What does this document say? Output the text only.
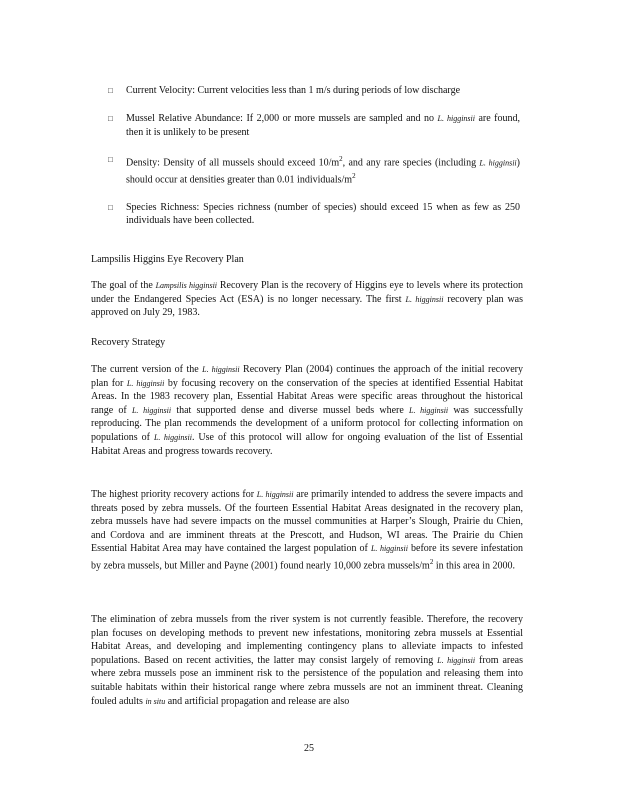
□	Current Velocity: Current velocities less than 1 m/s during periods of low discharge
□	Mussel Relative Abundance: If 2,000 or more mussels are sampled and no L. higginsii are found, then it is unlikely to be present
□	Density: Density of all mussels should exceed $10/m^2$, and any rare species (including L. higginsii) should occur at densities greater than 0.01 individuals/$m^2$
□	Species Richness: Species richness (number of species) should exceed 15 when as few as 250 individuals have been collected.
Lampsilis Higgins Eye Recovery Plan
The goal of the Lampsilis higginsii Recovery Plan is the recovery of Higgins eye to levels where its protection under the Endangered Species Act (ESA) is no longer necessary. The first L. higginsii recovery plan was approved on July 29, 1983.
Recovery Strategy
The current version of the L. higginsii Recovery Plan (2004) continues the approach of the initial recovery plan for L. higginsii by focusing recovery on the conservation of the species at identified Essential Habitat Areas. In the 1983 recovery plan, Essential Habitat Areas were specific areas throughout the historical range of L. higginsii that supported dense and diverse mussel beds where L. higginsii was successfully reproducing. The plan recommends the development of a uniform protocol for collecting information on populations of L. higginsii. Use of this protocol will allow for ongoing evaluation of the list of Essential Habitat Areas and progress towards recovery.
The highest priority recovery actions for L. higginsii are primarily intended to address the severe impacts and threats posed by zebra mussels. Of the fourteen Essential Habitat Areas designated in the recovery plan, zebra mussels have had severe impacts on the mussel communities at Harper’s Slough, Prairie du Chien, and Cordova and are imminent threats at the Prescott, and Hudson, WI areas. The Prairie du Chien Essential Habitat Area may have contained the largest population of L. higginsii before its severe infestation by zebra mussels, but Miller and Payne (2001) found nearly 10,000 zebra mussels/$m^2$ in this area in 2000.
The elimination of zebra mussels from the river system is not currently feasible. Therefore, the recovery plan focuses on developing methods to prevent new infestations, monitoring zebra mussels at Essential Habitat Areas, and developing and implementing contingency plans to alleviate impacts to infested populations. Based on recent activities, the latter may consist largely of removing L. higginsii from areas where zebra mussels pose an imminent risk to the persistence of the population and releasing them into suitable habitats within their historical range where zebra mussels are not an imminent threat. Cleaning fouled adults in situ and artificial propagation and release are also
25
